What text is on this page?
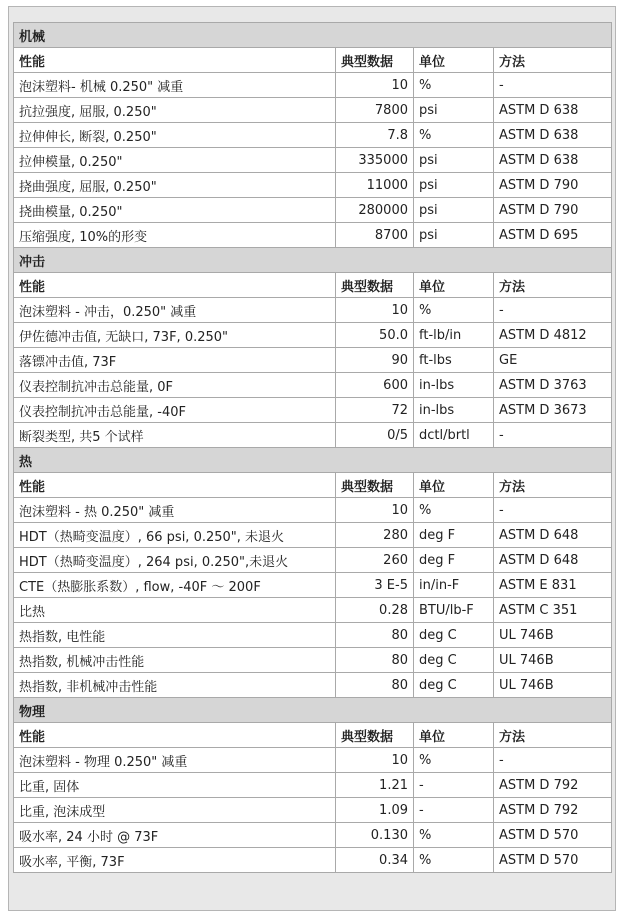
机械			
性能	典型数据	单位	方法
泡沫塑料- 机械 0.250" 减重	10	%	-
抗拉强度, 屈服, 0.250"	7800	psi	ASTM D 638
拉伸伸长, 断裂, 0.250"	7.8	%	ASTM D 638
拉伸模量, 0.250"	335000	psi	ASTM D 638
挠曲强度, 屈服, 0.250"	11000	psi	ASTM D 790
挠曲模量, 0.250"	280000	psi	ASTM D 790
压缩强度, 10%的形变	8700	psi	ASTM D 695
冲击			
性能	典型数据	单位	方法
泡沫塑料 - 冲击，0.250" 减重	10	%	-
伊佐德冲击值, 无缺口, 73F, 0.250"	50.0	ft-lb/in	ASTM D 4812
落镖冲击值, 73F	90	ft-lbs	GE
仪表控制抗冲击总能量, 0F	600	in-lbs	ASTM D 3763
仪表控制抗冲击总能量, -40F	72	in-lbs	ASTM D 3673
断裂类型, 共5 个试样	0/5	dctl/brtl	-
热			
性能	典型数据	单位	方法
泡沫塑料 - 热 0.250" 减重	10	%	-
HDT（热畸变温度）, 66 psi, 0.250", 未退火	280	deg F	ASTM D 648
HDT（热畸变温度）, 264 psi, 0.250",未退火	260	deg F	ASTM D 648
CTE（热膨胀系数）, flow, -40F ～ 200F	3 E-5	in/in-F	ASTM E 831
比热	0.28	BTU/lb-F	ASTM C 351
热指数, 电性能	80	deg C	UL 746B
热指数, 机械冲击性能	80	deg C	UL 746B
热指数, 非机械冲击性能	80	deg C	UL 746B
物理			
性能	典型数据	单位	方法
泡沫塑料 - 物理 0.250" 减重	10	%	-
比重, 固体	1.21	-	ASTM D 792
比重, 泡沫成型	1.09	-	ASTM D 792
吸水率, 24 小时 @ 73F	0.130	%	ASTM D 570
吸水率, 平衡, 73F	0.34	%	ASTM D 570
